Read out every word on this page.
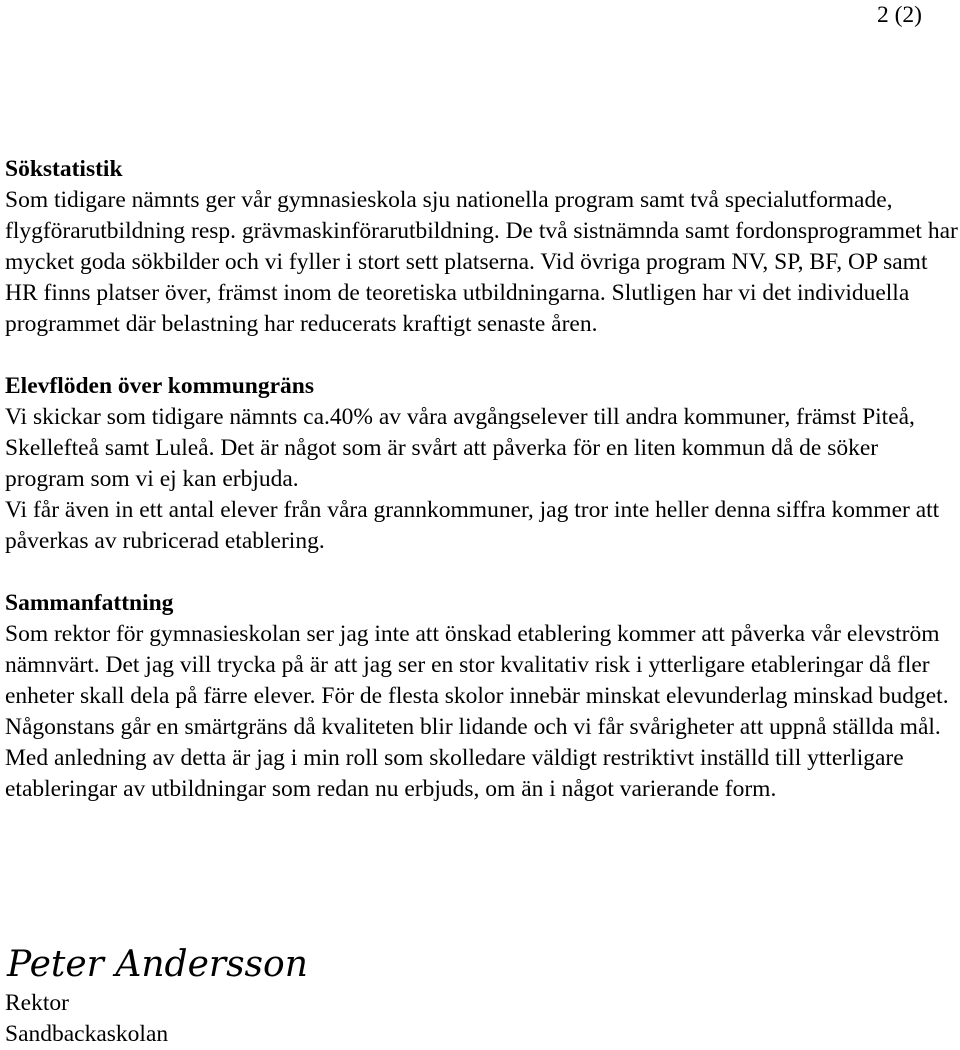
2 (2)
Sökstatistik

Som tidigare nämnts ger vår gymnasieskola sju nationella program samt två specialutformade, flygförarutbildning resp. grävmaskinförarutbildning. De två sistnämnda samt fordonsprogrammet har mycket goda sökbilder och vi fyller i stort sett platserna. Vid övriga program NV, SP, BF, OP samt HR finns platser över, främst inom de teoretiska utbildningarna. Slutligen har vi det individuella programmet där belastning har reducerats kraftigt senaste åren.

Elevflöden över kommungräns

Vi skickar som tidigare nämnts ca.40% av våra avgångselever till andra kommuner, främst Piteå, Skellefteå samt Luleå. Det är något som är svårt att påverka för en liten kommun då de söker program som vi ej kan erbjuda.

Vi får även in ett antal elever från våra grannkommuner, jag tror inte heller denna siffra kommer att påverkas av rubricerad etablering.

Sammanfattning

Som rektor för gymnasieskolan ser jag inte att önskad etablering kommer att påverka vår elevström nämnvärt. Det jag vill trycka på är att jag ser en stor kvalitativ risk i ytterligare etableringar då fler enheter skall dela på färre elever. För de flesta skolor innebär minskat elevunderlag minskad budget. Någonstans går en smärtgräns då kvaliteten blir lidande och vi får svårigheter att uppnå ställda mål. Med anledning av detta är jag i min roll som skolledare väldigt restriktivt inställd till ytterligare etableringar av utbildningar som redan nu erbjuds, om än i något varierande form.

Peter Andersson
Rektor
Sandbackaskolan
